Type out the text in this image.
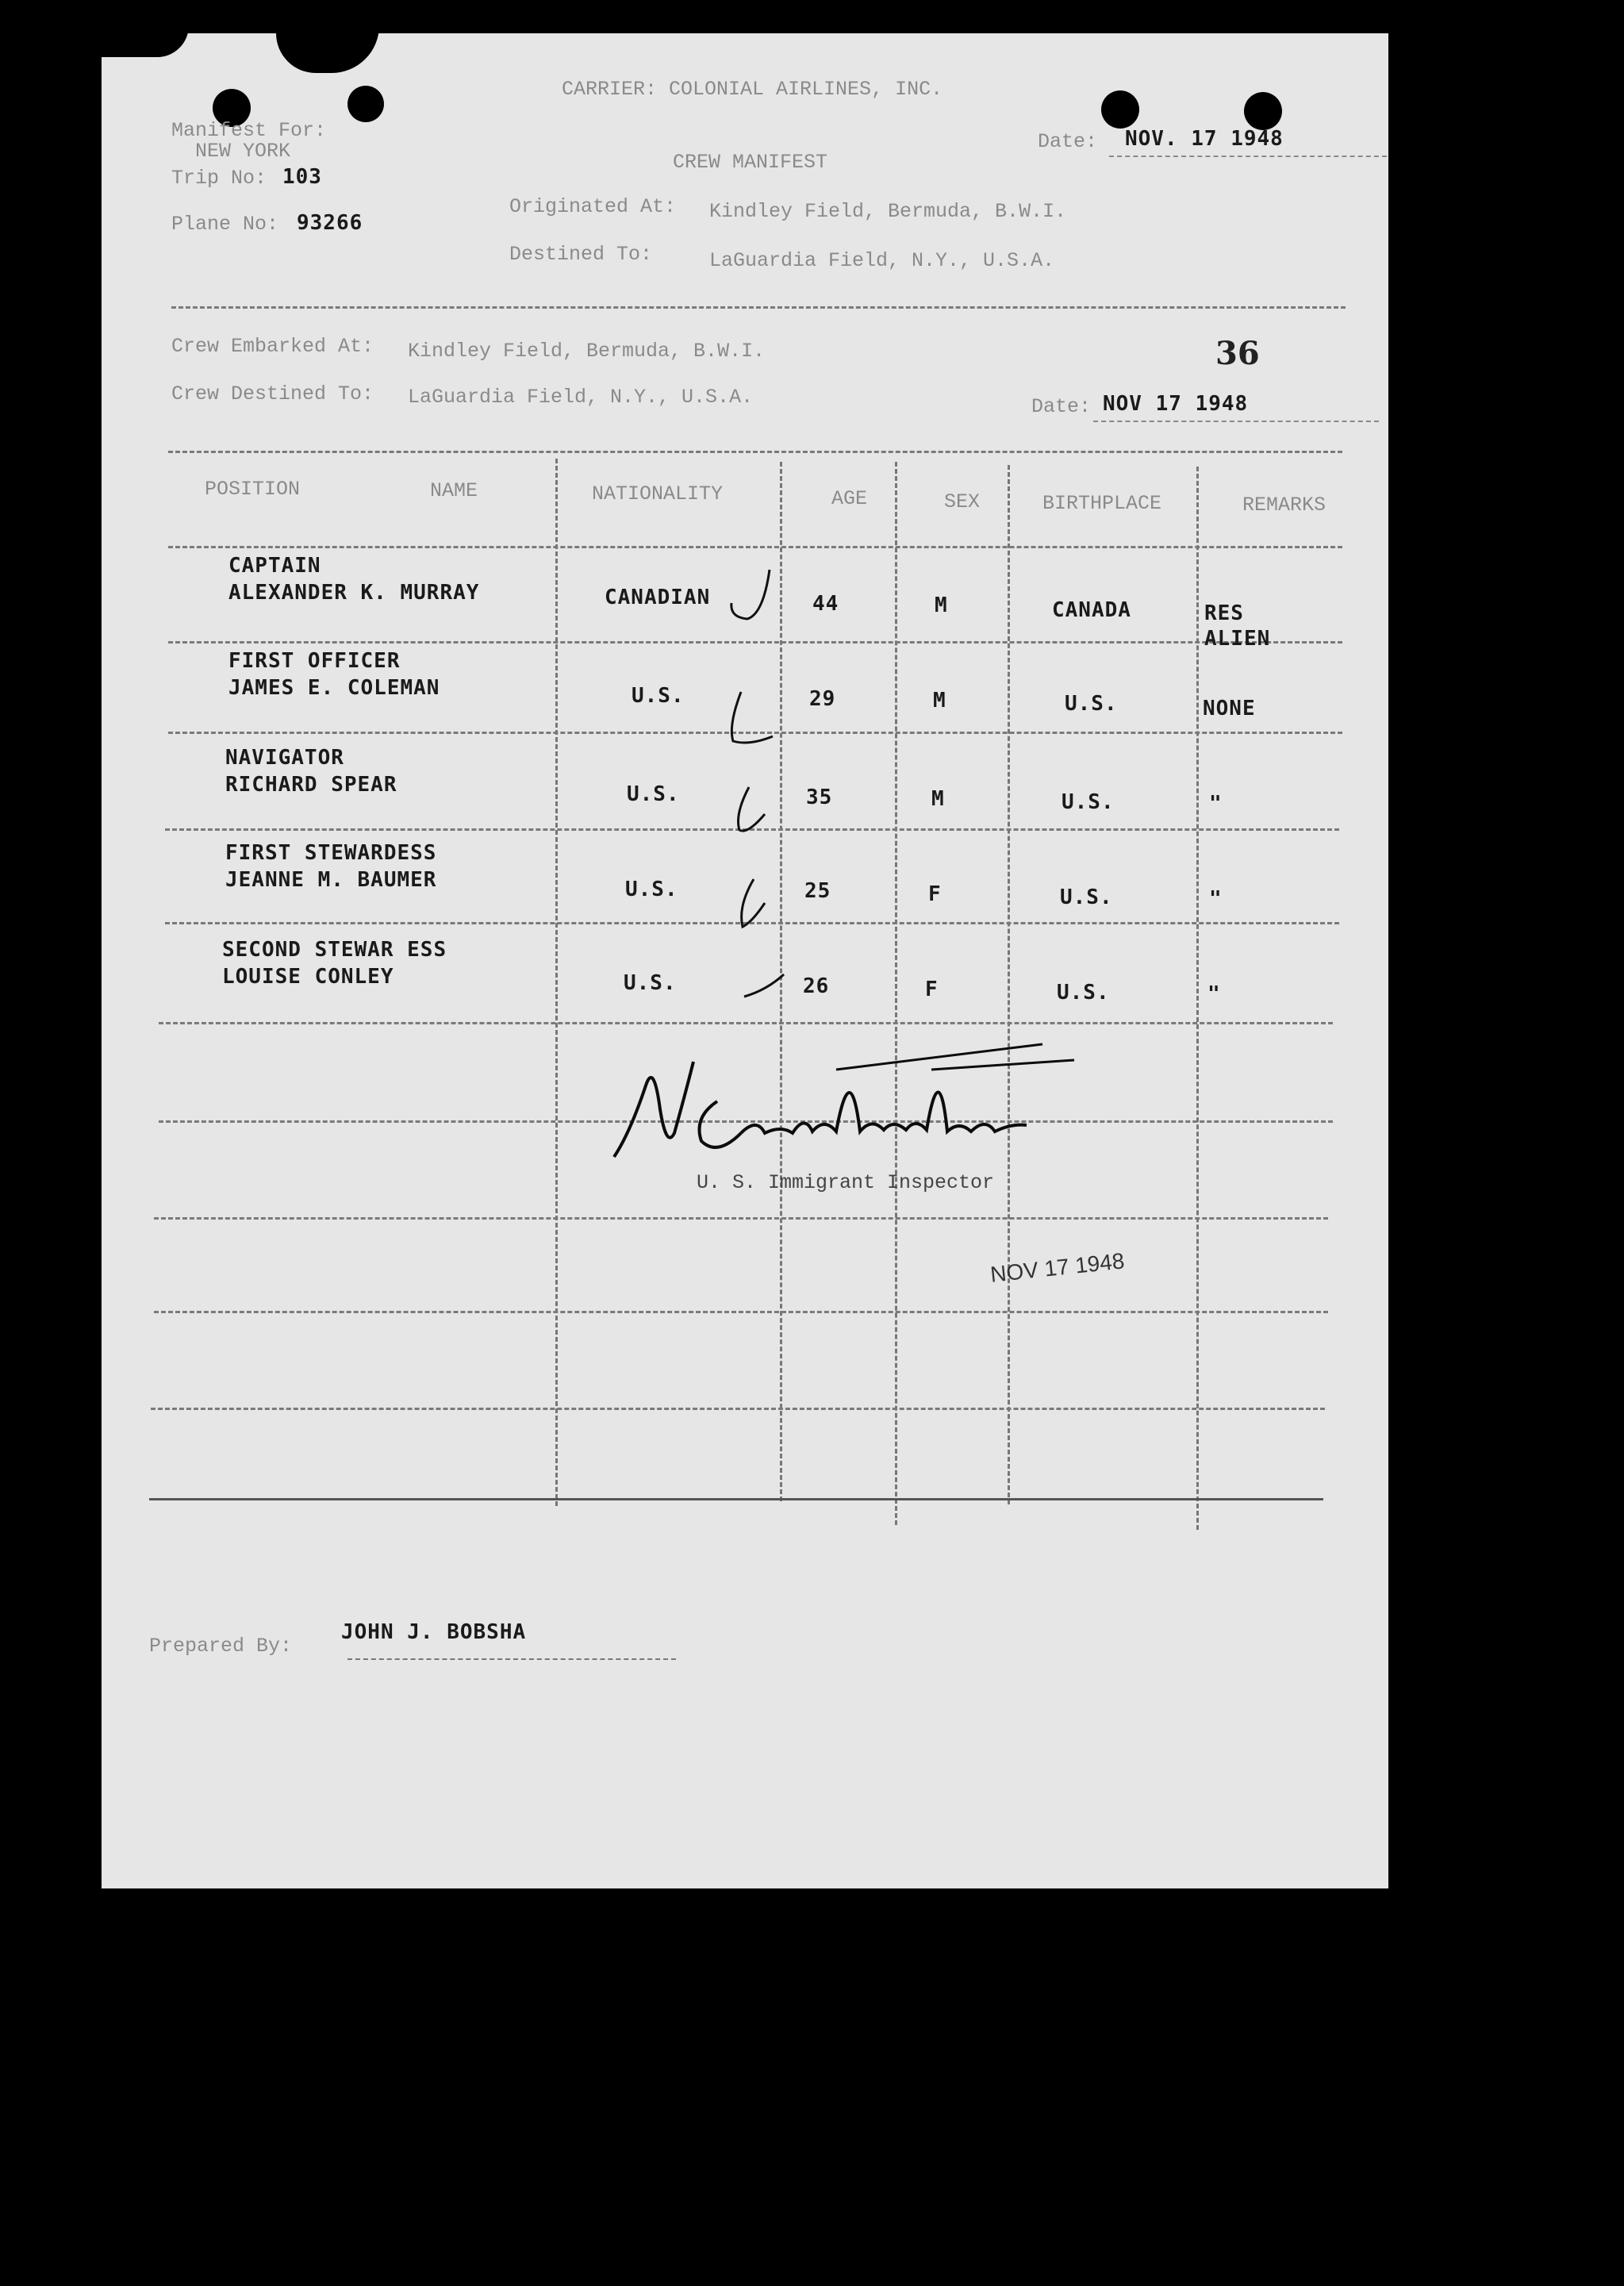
CARRIER: COLONIAL AIRLINES, INC.
Manifest For:
NEW YORK
Trip No: 103
Plane No: 93266
CREW MANIFEST
Date: NOV. 17 1948
Originated At: Kindley Field, Bermuda, B.W.I.
Destined To:	LaGuardia Field, N.Y., U.S.A.
Crew Embarked At: Kindley Field, Bermuda, B.W.I.
Crew Destined To: LaGuardia Field, N.Y., U.S.A.
36
Date: NOV 17 1948
POSITION	NAME	NATIONALITY	AGE	SEX	BIRTHPLACE	REMARKS
CAPTAIN
ALEXANDER K. MURRAY	CANADIAN	44	M	CANADA	RES
ALIEN
FIRST OFFICER
JAMES E. COLEMAN	U.S.	29	M	U.S.	NONE
NAVIGATOR
RICHARD SPEAR	U.S.	35	M	U.S.	"
FIRST STEWARDESS
JEANNE M. BAUMER	U.S.	25	F	U.S.	"
SECOND STEWAR ESS
LOUISE CONLEY	U.S.	26	F	U.S.	"
N Constantine
U. S. Immigrant Inspector
NOV 17 1948
Prepared By:
JOHN J. BOBSHA
